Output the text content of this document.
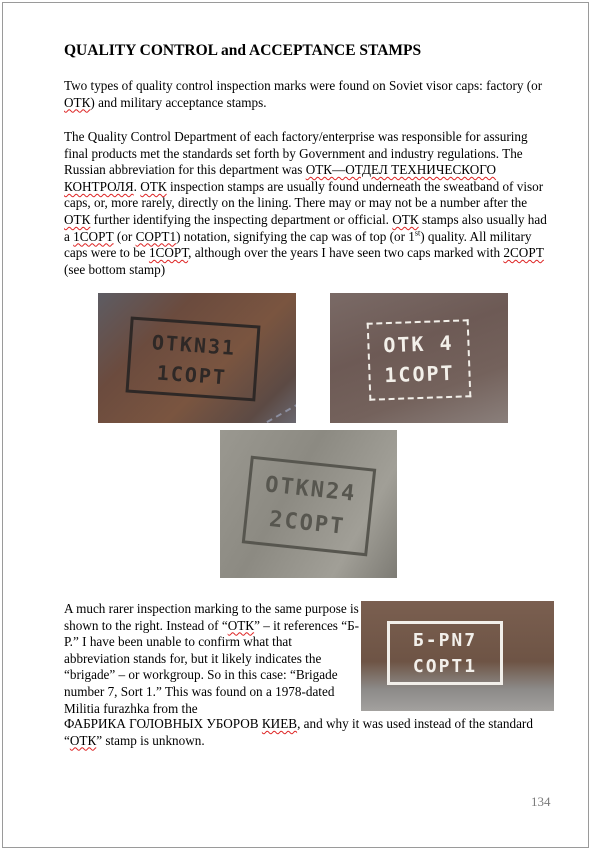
QUALITY CONTROL and ACCEPTANCE STAMPS
Two types of quality control inspection marks were found on Soviet visor caps: factory (or ОТК) and military acceptance stamps.
The Quality Control Department of each factory/enterprise was responsible for assuring final products met the standards set forth by Government and industry regulations. The Russian abbreviation for this department was ОТК—ОТДЕЛ ТЕХНИЧЕСКОГО КОНТРОЛЯ. ОТК inspection stamps are usually found underneath the sweatband of visor caps, or, more rarely, directly on the lining. There may or may not be a number after the ОТК further identifying the inspecting department or official. ОТК stamps also usually had a 1СОРТ (or СОРТ1) notation, signifying the cap was of top (or 1st) quality. All military caps were to be 1СОРТ, although over the years I have seen two caps marked with 2СОРТ (see bottom stamp)
ОТКN31
1СОРТ
ОТК 4
1СОРТ
ОТКN24
2СОРТ
A much rarer inspection marking to the same purpose is shown to the right. Instead of “ОТК” – it references “Б-Р.” I have been unable to confirm what that abbreviation stands for, but it likely indicates the “brigade” – or workgroup. So in this case: “Brigade number 7, Sort 1.” This was found on a 1978-dated Militia furazhka from the
ФАБРИКА ГОЛОВНЫХ УБОРОВ КИЕВ, and why it was used instead of the standard “ОТК” stamp is unknown.
Б-РN7
СОРТ1
134
